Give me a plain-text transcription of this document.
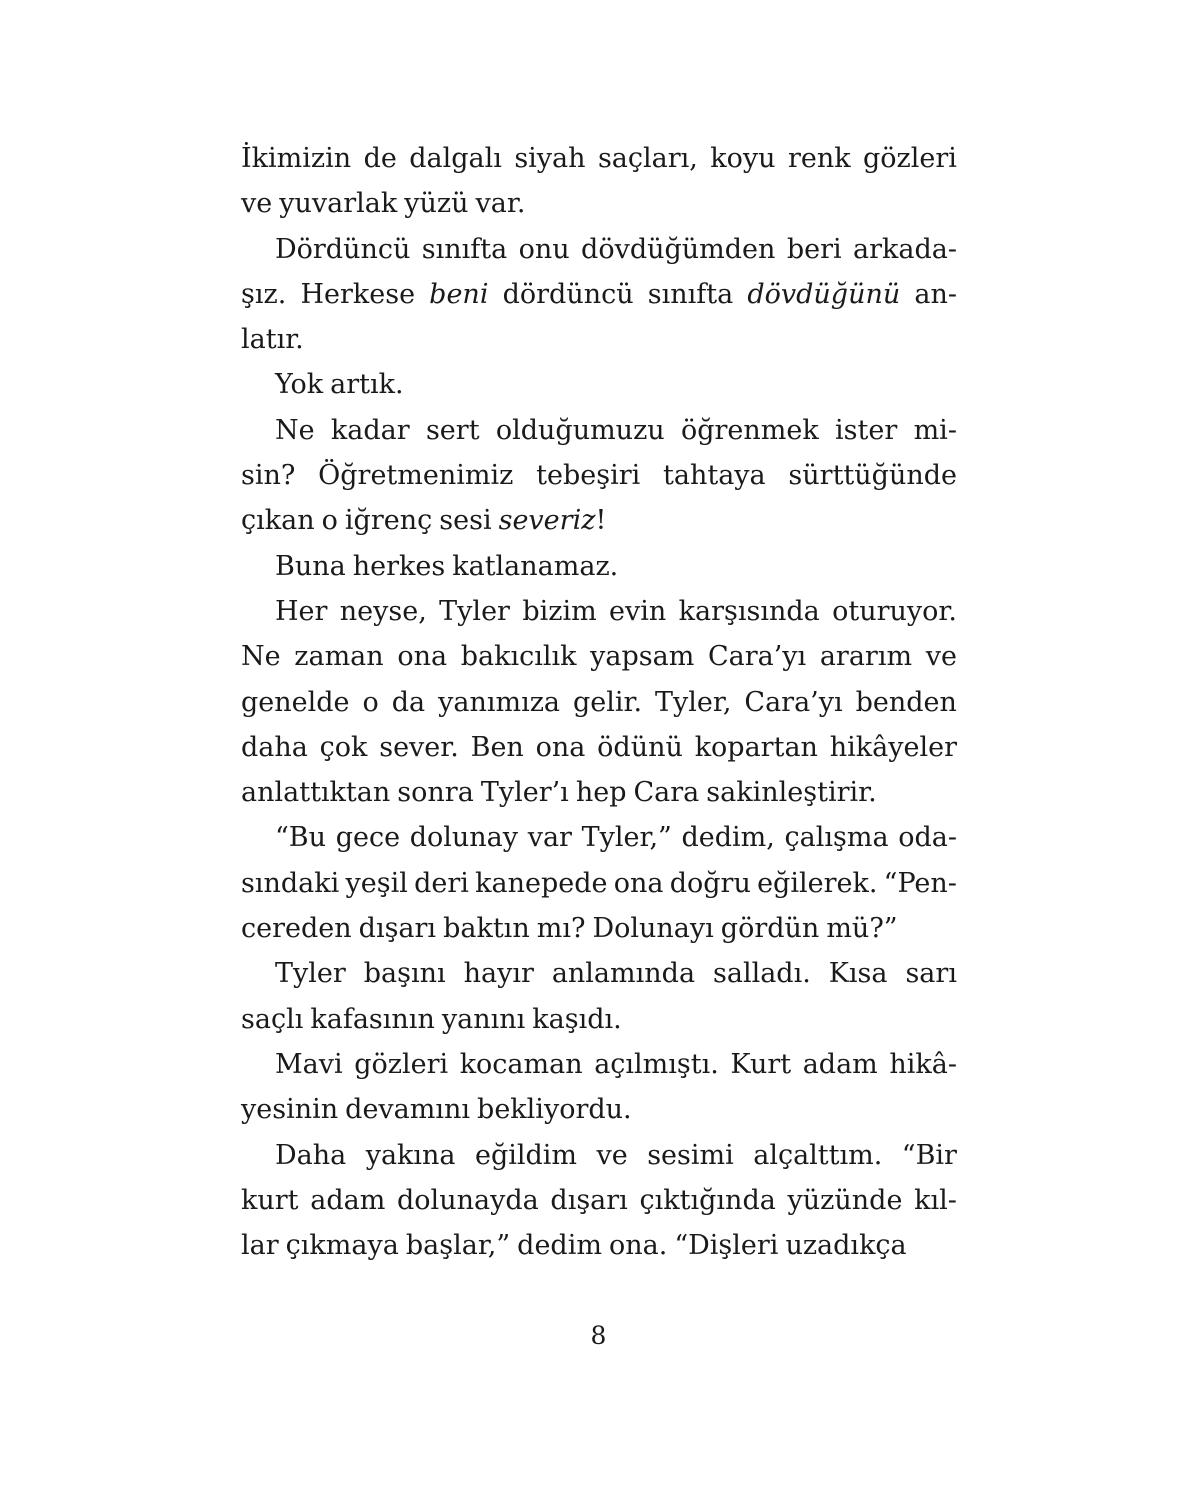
İkimizin de dalgalı siyah saçları, koyu renk gözleri
ve yuvarlak yüzü var.
Dördüncü sınıfta onu dövdüğümden beri arkada-
şız. Herkese beni dördüncü sınıfta dövdüğünü an-
latır.
Yok artık.
Ne kadar sert olduğumuzu öğrenmek ister mi-
sin? Öğretmenimiz tebeşiri tahtaya sürttüğünde
çıkan o iğrenç sesi severiz!
Buna herkes katlanamaz.
Her neyse, Tyler bizim evin karşısında oturuyor.
Ne zaman ona bakıcılık yapsam Cara’yı ararım ve
genelde o da yanımıza gelir. Tyler, Cara’yı benden
daha çok sever. Ben ona ödünü kopartan hikâyeler
anlattıktan sonra Tyler’ı hep Cara sakinleştirir.
“Bu gece dolunay var Tyler,” dedim, çalışma oda-
sındaki yeşil deri kanepede ona doğru eğilerek. “Pen-
cereden dışarı baktın mı? Dolunayı gördün mü?”
Tyler başını hayır anlamında salladı. Kısa sarı
saçlı kafasının yanını kaşıdı.
Mavi gözleri kocaman açılmıştı. Kurt adam hikâ-
yesinin devamını bekliyordu.
Daha yakına eğildim ve sesimi alçalttım. “Bir
kurt adam dolunayda dışarı çıktığında yüzünde kıl-
lar çıkmaya başlar,” dedim ona. “Dişleri uzadıkça
8
